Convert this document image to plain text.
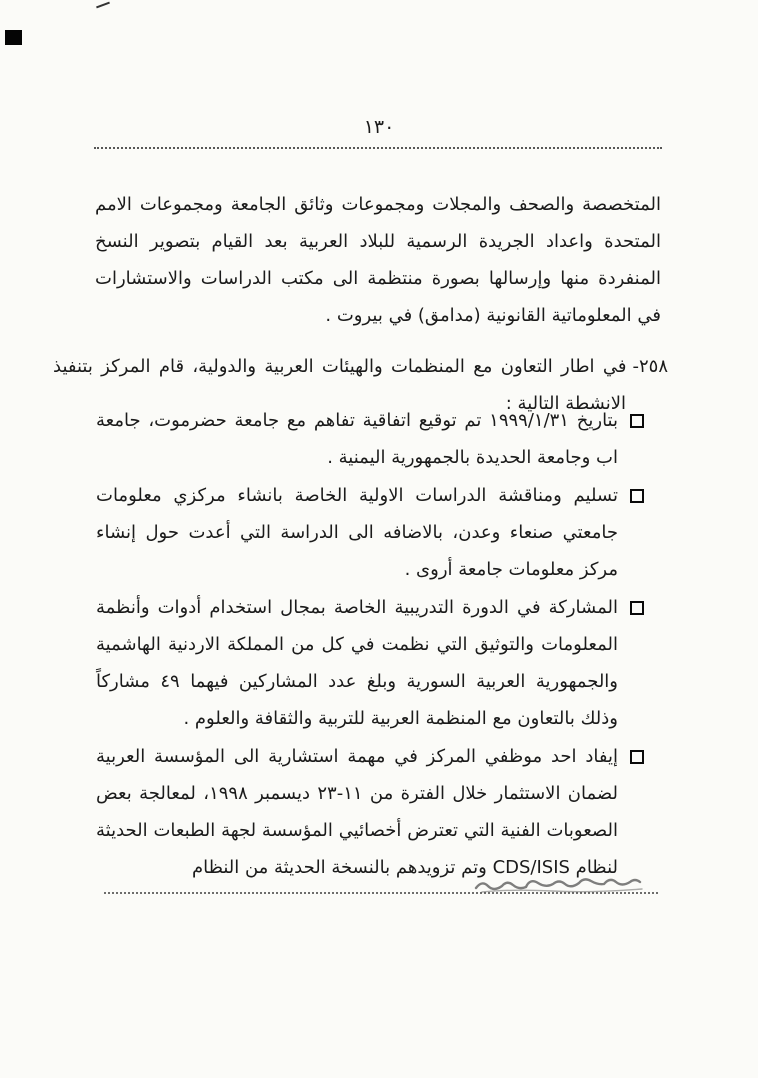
١٣٠

المتخصصة والصحف والمجلات ومجموعات وثائق الجامعة ومجموعات الامم المتحدة واعداد الجريدة الرسمية للبلاد العربية بعد القيام بتصوير النسخ المنفردة منها وإرسالها بصورة منتظمة الى مكتب الدراسات والاستشارات في المعلوماتية القانونية (مدامق) في بيروت .

٢٥٨-في اطار التعاون مع المنظمات والهيئات العربية والدولية، قام المركز بتنفيذ الانشطة التالية :

بتاريخ ١٩٩٩/١/٣١ تم توقيع اتفاقية تفاهم مع جامعة حضرموت، جامعة اب وجامعة الحديدة بالجمهورية اليمنية .
تسليم ومناقشة الدراسات الاولية الخاصة بانشاء مركزي معلومات جامعتي صنعاء وعدن، بالاضافه الى الدراسة التي أعدت حول إنشاء مركز معلومات جامعة أروى .
المشاركة في الدورة التدريبية الخاصة بمجال استخدام أدوات وأنظمة المعلومات والتوثيق التي نظمت في كل من المملكة الاردنية الهاشمية والجمهورية العربية السورية وبلغ عدد المشاركين فيهما ٤٩ مشاركاً وذلك بالتعاون مع المنظمة العربية للتربية والثقافة والعلوم .
إيفاد احد موظفي المركز في مهمة استشارية الى المؤسسة العربية لضمان الاستثمار خلال الفترة من ١١-٢٣ ديسمبر ١٩٩٨، لمعالجة بعض الصعوبات الفنية التي تعترض أخصائيي المؤسسة لجهة الطبعات الحديثة لنظام CDS/ISIS وتم تزويدهم بالنسخة الحديثة من النظام
